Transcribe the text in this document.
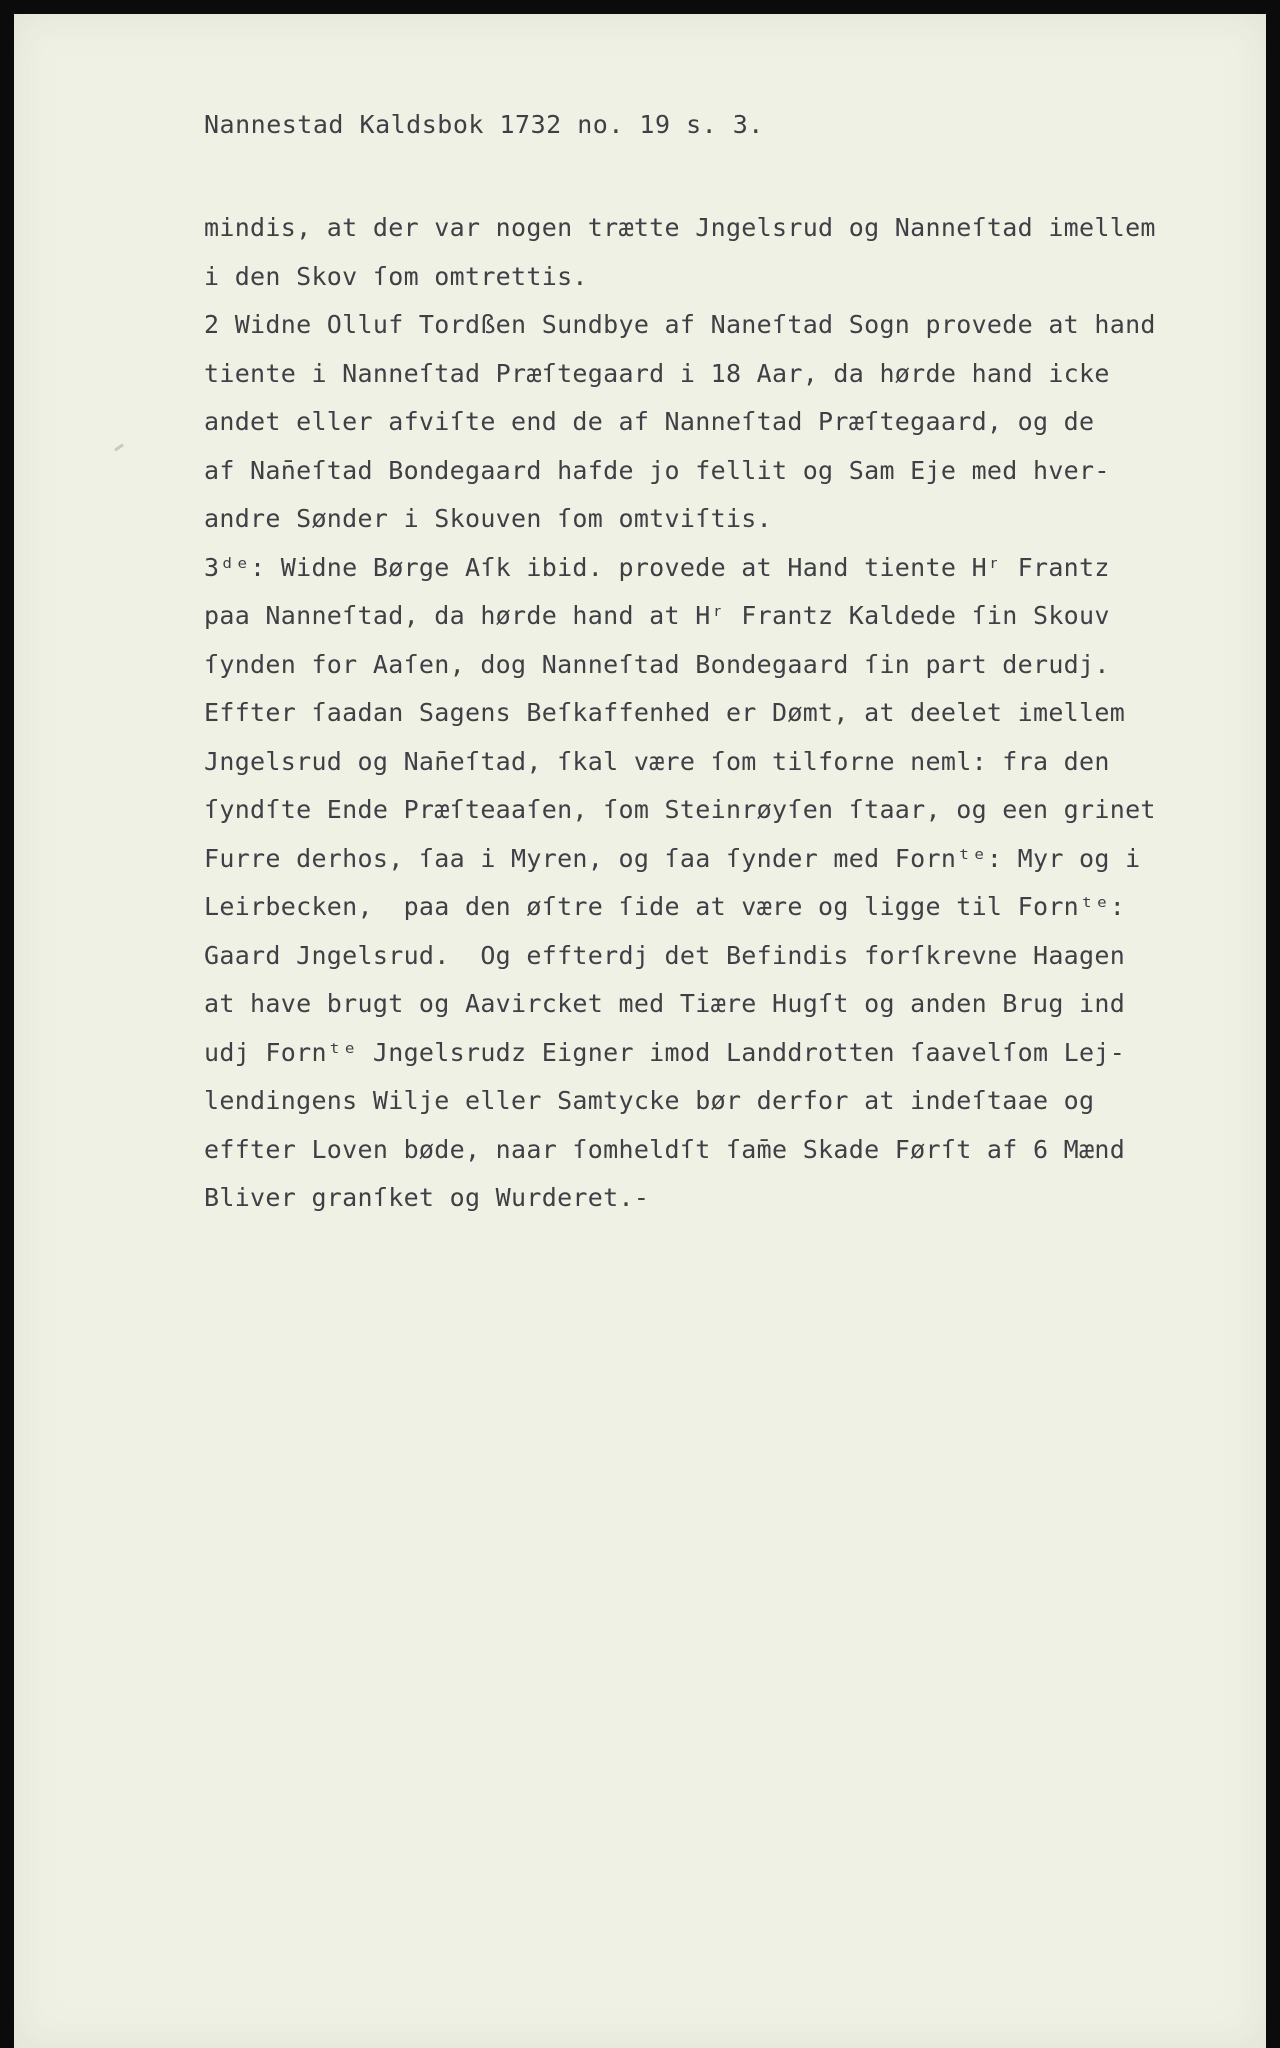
Nannestad Kaldsbok 1732 no. 19 s. 3.
mindis, at der var nogen trætte Jngelsrud og Nanneſtad imellem
i den Skov ſom omtrettis.
2 Widne Olluf Tordßen Sundbye af Naneſtad Sogn provede at hand
tiente i Nanneſtad Præſtegaard i 18 Aar, da hørde hand icke
andet eller afviſte end de af Nanneſtad Præſtegaard, og de
af Nan̄eſtad Bondegaard hafde jo fellit og Sam Eje med hver-
andre Sønder i Skouven ſom omtviſtis.
3ᵈᵉ: Widne Børge Aſk ibid. provede at Hand tiente Hʳ Frantz
paa Nanneſtad, da hørde hand at Hʳ Frantz Kaldede ſin Skouv
ſynden for Aaſen, dog Nanneſtad Bondegaard ſin part derudj.
Effter ſaadan Sagens Beſkaffenhed er Dømt, at deelet imellem
Jngelsrud og Nan̄eſtad, ſkal være ſom tilforne neml: fra den
ſyndſte Ende Præſteaaſen, ſom Steinrøyſen ſtaar, og een grinet
Furre derhos, ſaa i Myren, og ſaa ſynder med Fornᵗᵉ: Myr og i
Leirbecken,  paa den øſtre ſide at være og ligge til Fornᵗᵉ:
Gaard Jngelsrud.  Og effterdj det Befindis forſkrevne Haagen
at have brugt og Aavircket med Tiære Hugſt og anden Brug ind
udj Fornᵗᵉ Jngelsrudz Eigner imod Landdrotten ſaavelſom Lej-
lendingens Wilje eller Samtycke bør derfor at indeſtaae og
effter Loven bøde, naar ſomheldſt ſam̄e Skade Førſt af 6 Mænd
Bliver granſket og Wurderet.-
